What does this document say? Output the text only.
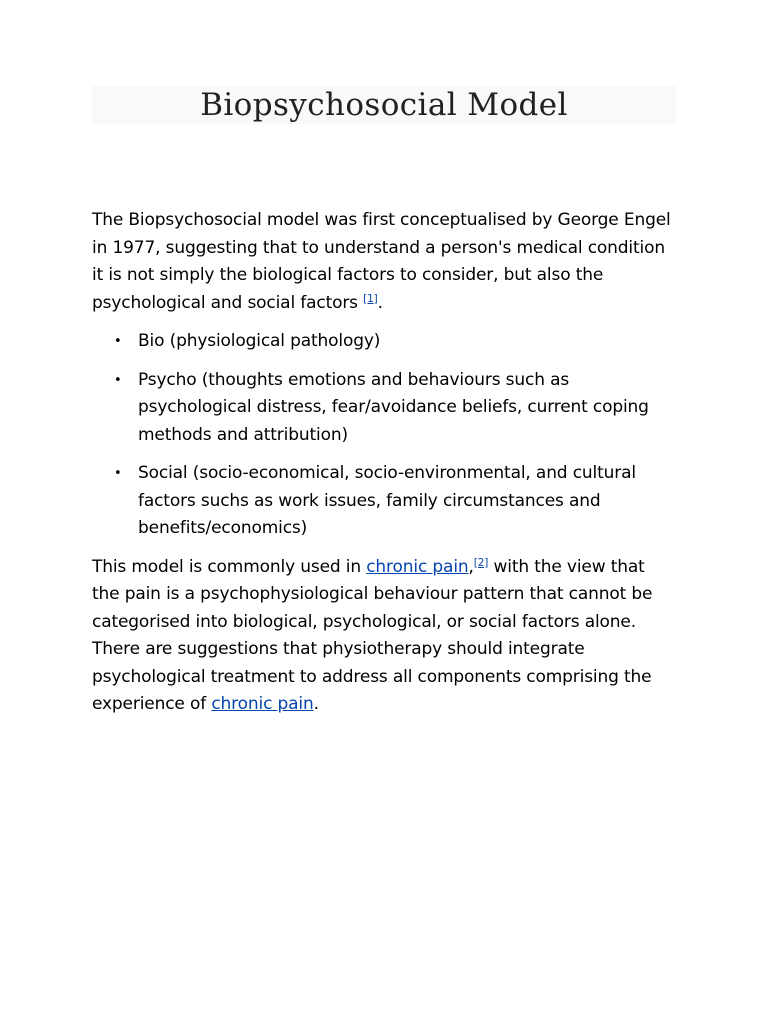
Biopsychosocial Model

The Biopsychosocial model was first conceptualised by George Engel in 1977, suggesting that to understand a person's medical condition it is not simply the biological factors to consider, but also the psychological and social factors [1].

• Bio (physiological pathology)
• Psycho (thoughts emotions and behaviours such as psychological distress, fear/avoidance beliefs, current coping methods and attribution)
• Social (socio-economical, socio-environmental, and cultural factors suchs as work issues, family circumstances and benefits/economics)

This model is commonly used in chronic pain,[2] with the view that the pain is a psychophysiological behaviour pattern that cannot be categorised into biological, psychological, or social factors alone. There are suggestions that physiotherapy should integrate psychological treatment to address all components comprising the experience of chronic pain.
